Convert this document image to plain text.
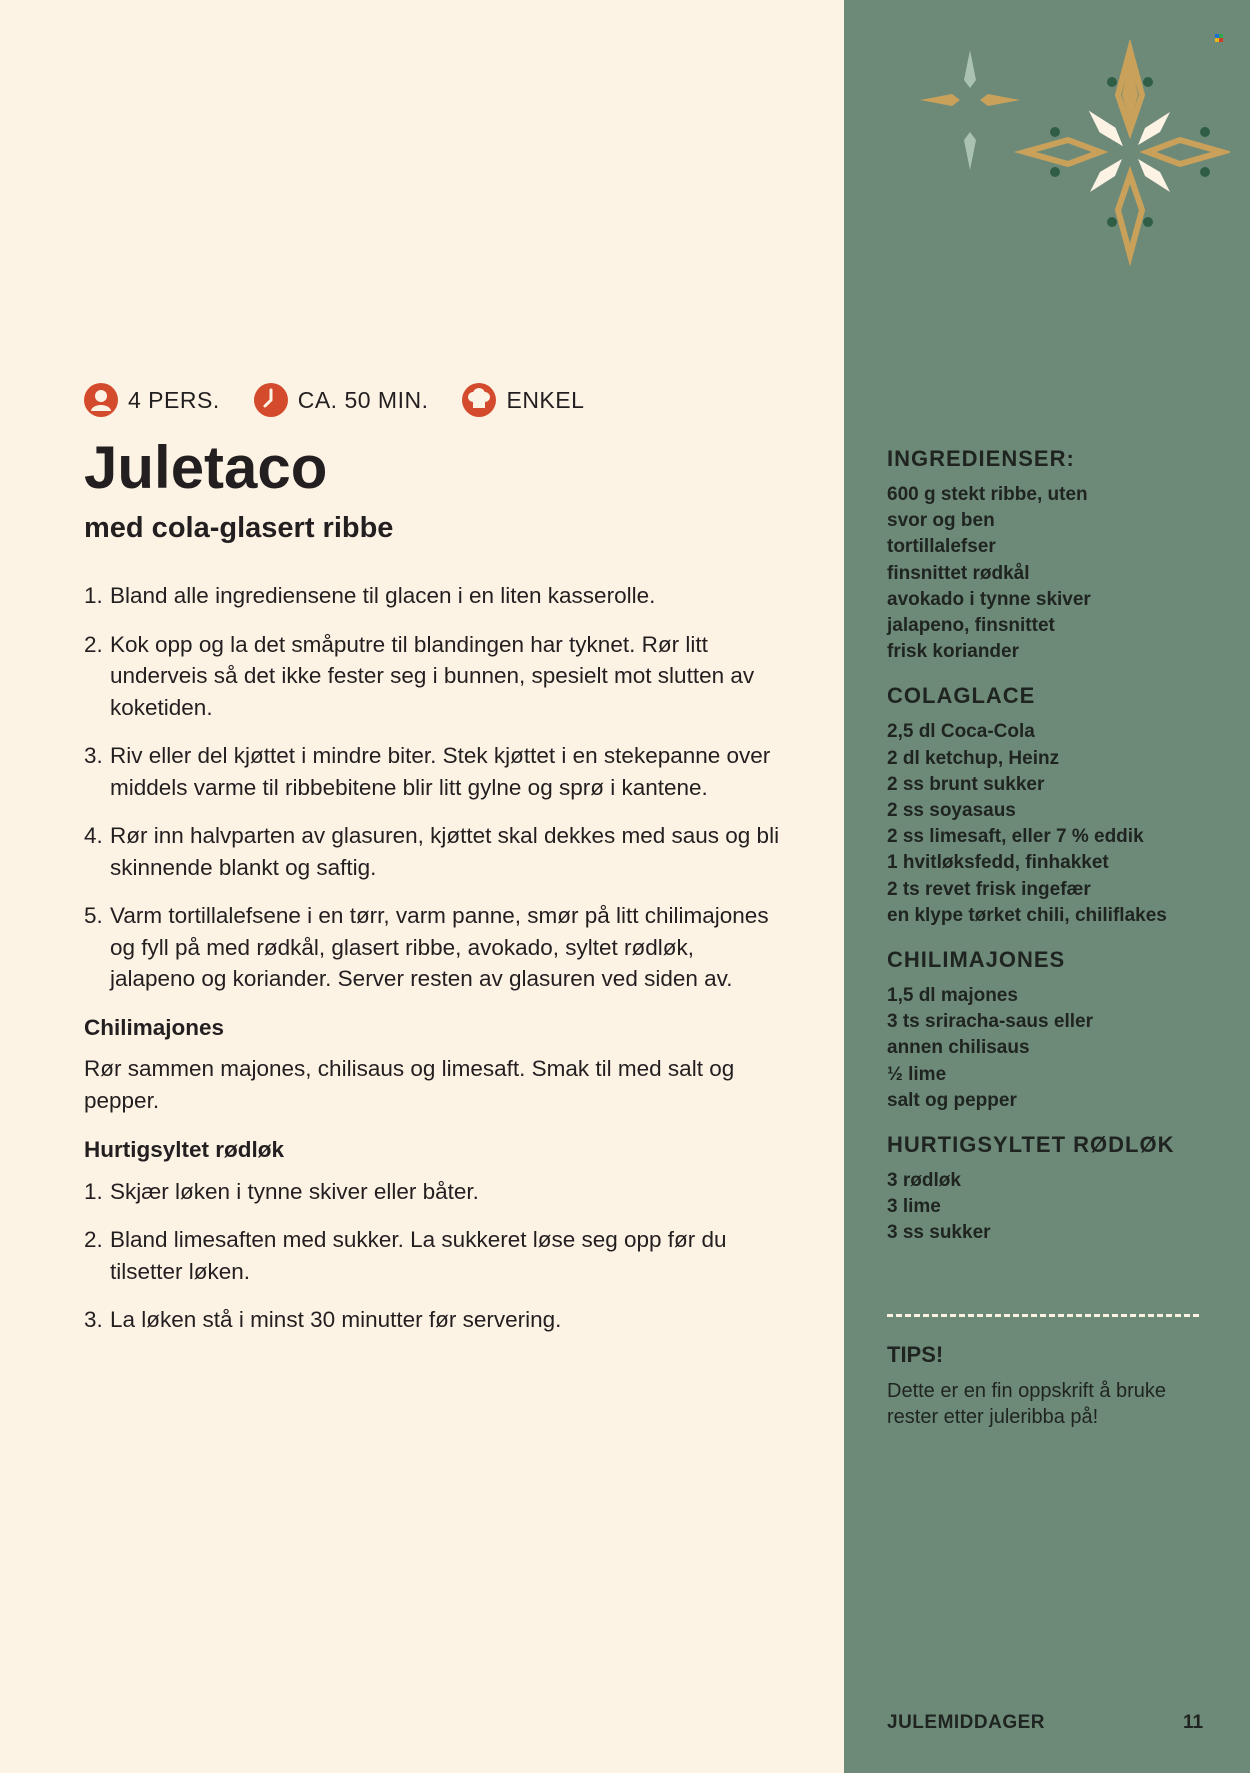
4 PERS.	CA. 50 MIN.	ENKEL
Juletaco
med cola-glasert ribbe
1. Bland alle ingrediensene til glacen i en liten kasserolle.
2. Kok opp og la det småputre til blandingen har tyknet. Rør litt underveis så det ikke fester seg i bunnen, spesielt mot slutten av koketiden.
3. Riv eller del kjøttet i mindre biter. Stek kjøttet i en stekepanne over middels varme til ribbebitene blir litt gylne og sprø i kantene.
4. Rør inn halvparten av glasuren, kjøttet skal dekkes med saus og bli skinnende blankt og saftig.
5. Varm tortillalefsene i en tørr, varm panne, smør på litt chilimajones og fyll på med rødkål, glasert ribbe, avokado, syltet rødløk, jalapeno og koriander. Server resten av glasuren ved siden av.
Chilimajones

Rør sammen majones, chilisaus og limesaft. Smak til med salt og pepper.

Hurtigsyltet rødløk
1. Skjær løken i tynne skiver eller båter.
2. Bland limesaften med sukker. La sukkeret løse seg opp før du tilsetter løken.
3. La løken stå i minst 30 minutter før servering.
INGREDIENSER:
600 g stekt ribbe, uten
svor og ben
tortillalefser
finsnittet rødkål
avokado i tynne skiver
jalapeno, finsnittet
frisk koriander
COLAGLACE
2,5 dl Coca-Cola
2 dl ketchup, Heinz
2 ss brunt sukker
2 ss soyasaus
2 ss limesaft, eller 7 % eddik
1 hvitløksfedd, finhakket
2 ts revet frisk ingefær
en klype tørket chili, chiliflakes
CHILIMAJONES
1,5 dl majones
3 ts sriracha-saus eller
annen chilisaus
½ lime
salt og pepper
HURTIGSYLTET RØDLØK
3 rødløk
3 lime
3 ss sukker
TIPS!

Dette er en fin oppskrift å bruke rester etter juleribba på!

JULEMIDDAGER	11
